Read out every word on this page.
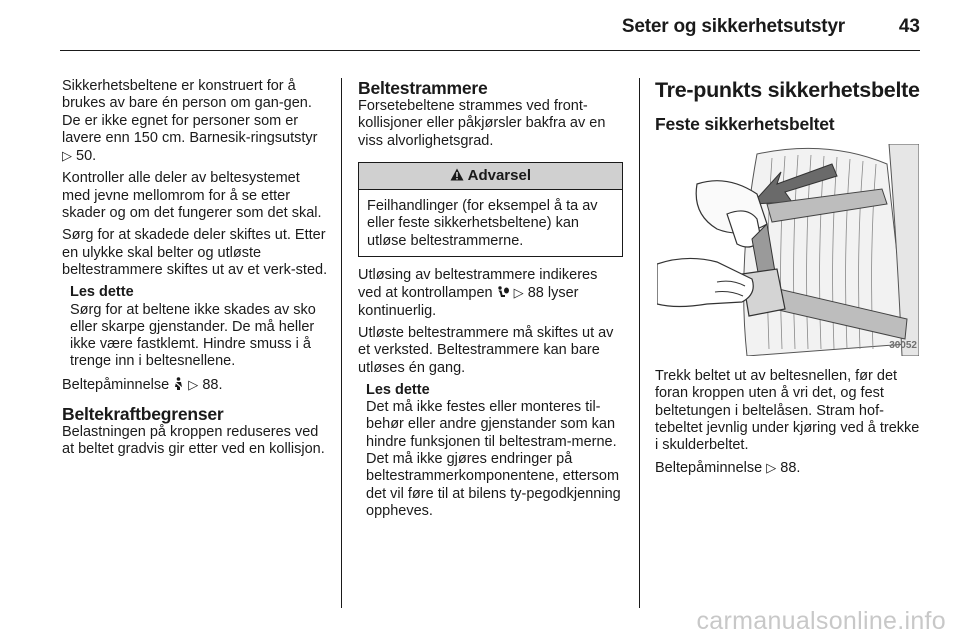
Seter og sikkerhetsutstyr	43

Sikkerhetsbeltene er konstruert for å brukes av bare én person om gan-gen. De er ikke egnet for personer som er lavere enn 150 cm. Barnesik-ringsutstyr ▷ 50.

Kontroller alle deler av beltesystemet med jevne mellomrom for å se etter skader og om det fungerer som det skal.

Sørg for at skadede deler skiftes ut. Etter en ulykke skal belter og utløste beltestrammere skiftes ut av et verk-sted.

Les dette

Sørg for at beltene ikke skades av sko eller skarpe gjenstander. De må heller ikke være fastklemt. Hindre smuss i å trenge inn i beltesnellene.

Beltepåminnelse ▷ 88.

Beltekraftbegrenser

Belastningen på kroppen reduseres ved at beltet gradvis gir etter ved en kollisjon.

Beltestrammere

Forsetebeltene strammes ved front-kollisjoner eller påkjørsler bakfra av en viss alvorlighetsgrad.

Advarsel
Feilhandlinger (for eksempel å ta av eller feste sikkerhetsbeltene) kan utløse beltestrammerne.

Utløsing av beltestrammere indikeres ved at kontrollampen ▷ 88 lyser kontinuerlig.

Utløste beltestrammere må skiftes ut av et verksted. Beltestrammere kan bare utløses én gang.

Les dette

Det må ikke festes eller monteres til-behør eller andre gjenstander som kan hindre funksjonen til beltestram-merne. Det må ikke gjøres endringer på beltestrammerkomponentene, ettersom det vil føre til at bilens ty-pegodkjenning oppheves.

Tre-punkts sikkerhetsbelte
Feste sikkerhetsbeltet
30052

Trekk beltet ut av beltesnellen, før det foran kroppen uten å vri det, og fest beltetungen i beltelåsen. Stram hof-tebeltet jevnlig under kjøring ved å trekke i skulderbeltet.

Beltepåminnelse ▷ 88.

carmanualsonline.info
